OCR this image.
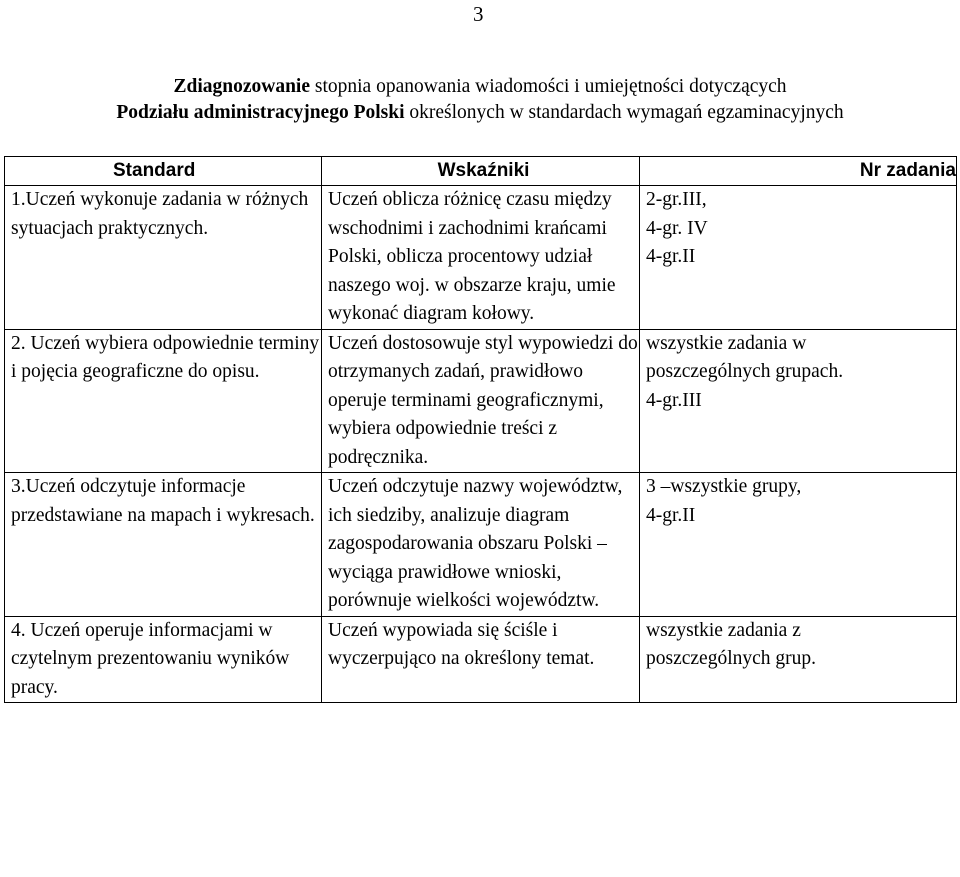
3
Zdiagnozowanie stopnia opanowania wiadomości i umiejętności dotyczących
Podziału administracyjnego Polski określonych w standardach wymagań egzaminacyjnych
Standard	Wskaźniki	Nr zadania
1.Uczeń wykonuje zadania w różnych sytuacjach praktycznych.	Uczeń oblicza różnicę czasu między wschodnimi i zachodnimi krańcami Polski, oblicza procentowy udział naszego woj. w obszarze kraju, umie wykonać diagram kołowy.	2-gr.III,
4-gr. IV
4-gr.II

2. Uczeń wybiera odpowiednie terminy i pojęcia geograficzne do opisu.	Uczeń dostosowuje styl wypowiedzi do otrzymanych zadań, prawidłowo operuje terminami geograficznymi, wybiera odpowiednie treści z podręcznika.	wszystkie zadania w
poszczególnych grupach.
4-gr.III

3.Uczeń odczytuje informacje przedstawiane na mapach i wykresach.	Uczeń odczytuje nazwy województw, ich siedziby, analizuje diagram zagospodarowania obszaru Polski – wyciąga prawidłowe wnioski, porównuje wielkości województw.	3 –wszystkie grupy,
4-gr.II

4. Uczeń operuje informacjami w czytelnym prezentowaniu wyników pracy.	Uczeń wypowiada się ściśle i wyczerpująco na określony temat.	wszystkie zadania z
poszczególnych grup.
